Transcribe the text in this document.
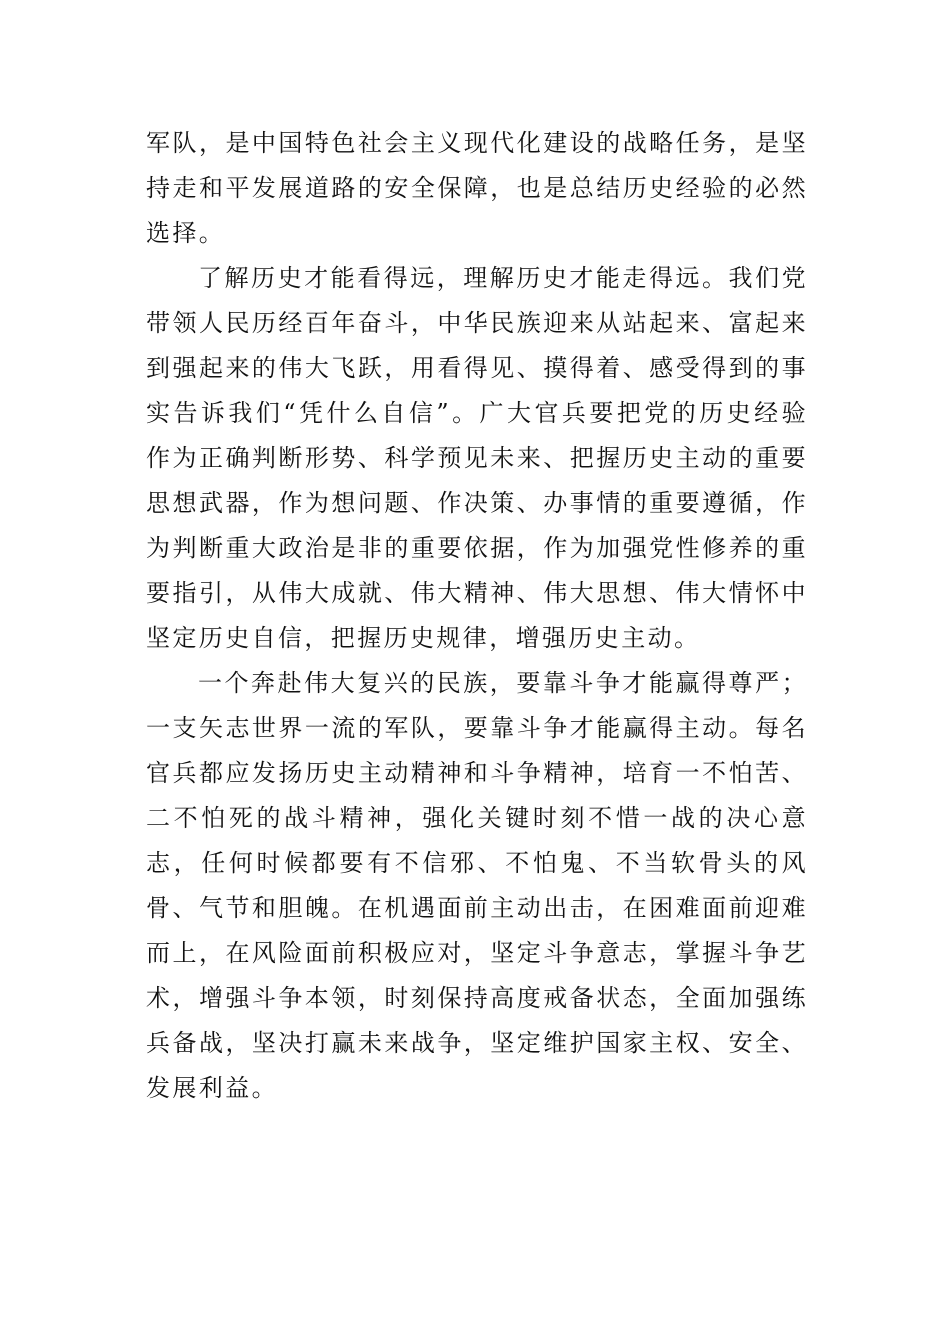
军队，是中国特色社会主义现代化建设的战略任务，是坚持走和平发展道路的安全保障，也是总结历史经验的必然选择。

了解历史才能看得远，理解历史才能走得远。我们党带领人民历经百年奋斗，中华民族迎来从站起来、富起来到强起来的伟大飞跃，用看得见、摸得着、感受得到的事实告诉我们“凭什么自信”。广大官兵要把党的历史经验作为正确判断形势、科学预见未来、把握历史主动的重要思想武器，作为想问题、作决策、办事情的重要遵循，作为判断重大政治是非的重要依据，作为加强党性修养的重要指引，从伟大成就、伟大精神、伟大思想、伟大情怀中坚定历史自信，把握历史规律，增强历史主动。

一个奔赴伟大复兴的民族，要靠斗争才能赢得尊严；一支矢志世界一流的军队，要靠斗争才能赢得主动。每名官兵都应发扬历史主动精神和斗争精神，培育一不怕苦、二不怕死的战斗精神，强化关键时刻不惜一战的决心意志，任何时候都要有不信邪、不怕鬼、不当软骨头的风骨、气节和胆魄。在机遇面前主动出击，在困难面前迎难而上，在风险面前积极应对，坚定斗争意志，掌握斗争艺术，增强斗争本领，时刻保持高度戒备状态，全面加强练兵备战，坚决打赢未来战争，坚定维护国家主权、安全、发展利益。
